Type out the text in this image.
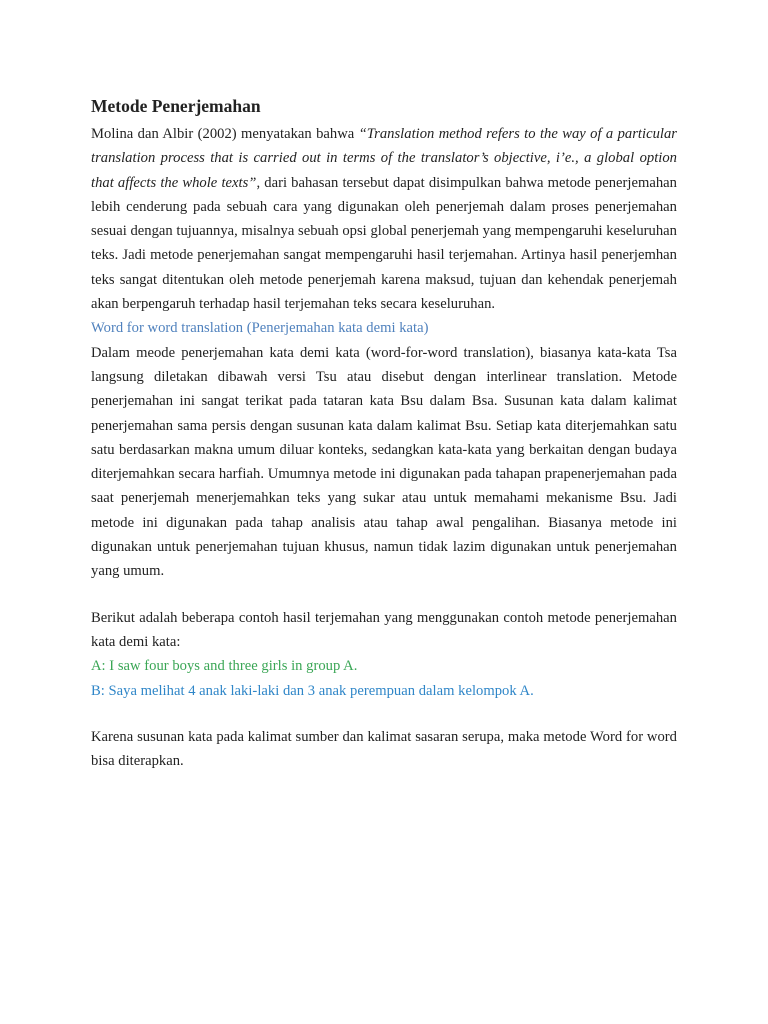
Metode Penerjemahan

Molina dan Albir (2002) menyatakan bahwa “Translation method refers to the way of a particular translation process that is carried out in terms of the translator’s objective, i’e., a global option that affects the whole texts”, dari bahasan tersebut dapat disimpulkan bahwa metode penerjemahan lebih cenderung pada sebuah cara yang digunakan oleh penerjemah dalam proses penerjemahan sesuai dengan tujuannya, misalnya sebuah opsi global penerjemah yang mempengaruhi keseluruhan teks. Jadi metode penerjemahan sangat mempengaruhi hasil terjemahan. Artinya hasil penerjemhan teks sangat ditentukan oleh metode penerjemah karena maksud, tujuan dan kehendak penerjemah akan berpengaruh terhadap hasil terjemahan teks secara keseluruhan.

Word for word translation (Penerjemahan kata demi kata)

Dalam meode penerjemahan kata demi kata (word-for-word translation), biasanya kata-kata Tsa langsung diletakan dibawah versi Tsu atau disebut dengan interlinear translation. Metode penerjemahan ini sangat terikat pada tataran kata Bsu dalam Bsa. Susunan kata dalam kalimat penerjemahan sama persis dengan susunan kata dalam kalimat Bsu. Setiap kata diterjemahkan satu satu berdasarkan makna umum diluar konteks, sedangkan kata-kata yang berkaitan dengan budaya diterjemahkan secara harfiah. Umumnya metode ini digunakan pada tahapan prapenerjemahan pada saat penerjemah menerjemahkan teks yang sukar atau untuk memahami mekanisme Bsu. Jadi metode ini digunakan pada tahap analisis atau tahap awal pengalihan. Biasanya metode ini digunakan untuk penerjemahan tujuan khusus, namun tidak lazim digunakan untuk penerjemahan yang umum.

Berikut adalah beberapa contoh hasil terjemahan yang menggunakan contoh metode penerjemahan kata demi kata:

A: I saw four boys and three girls in group A.

B: Saya melihat 4 anak laki-laki dan 3 anak perempuan dalam kelompok A.

Karena susunan kata pada kalimat sumber dan kalimat sasaran serupa, maka metode Word for word bisa diterapkan.
